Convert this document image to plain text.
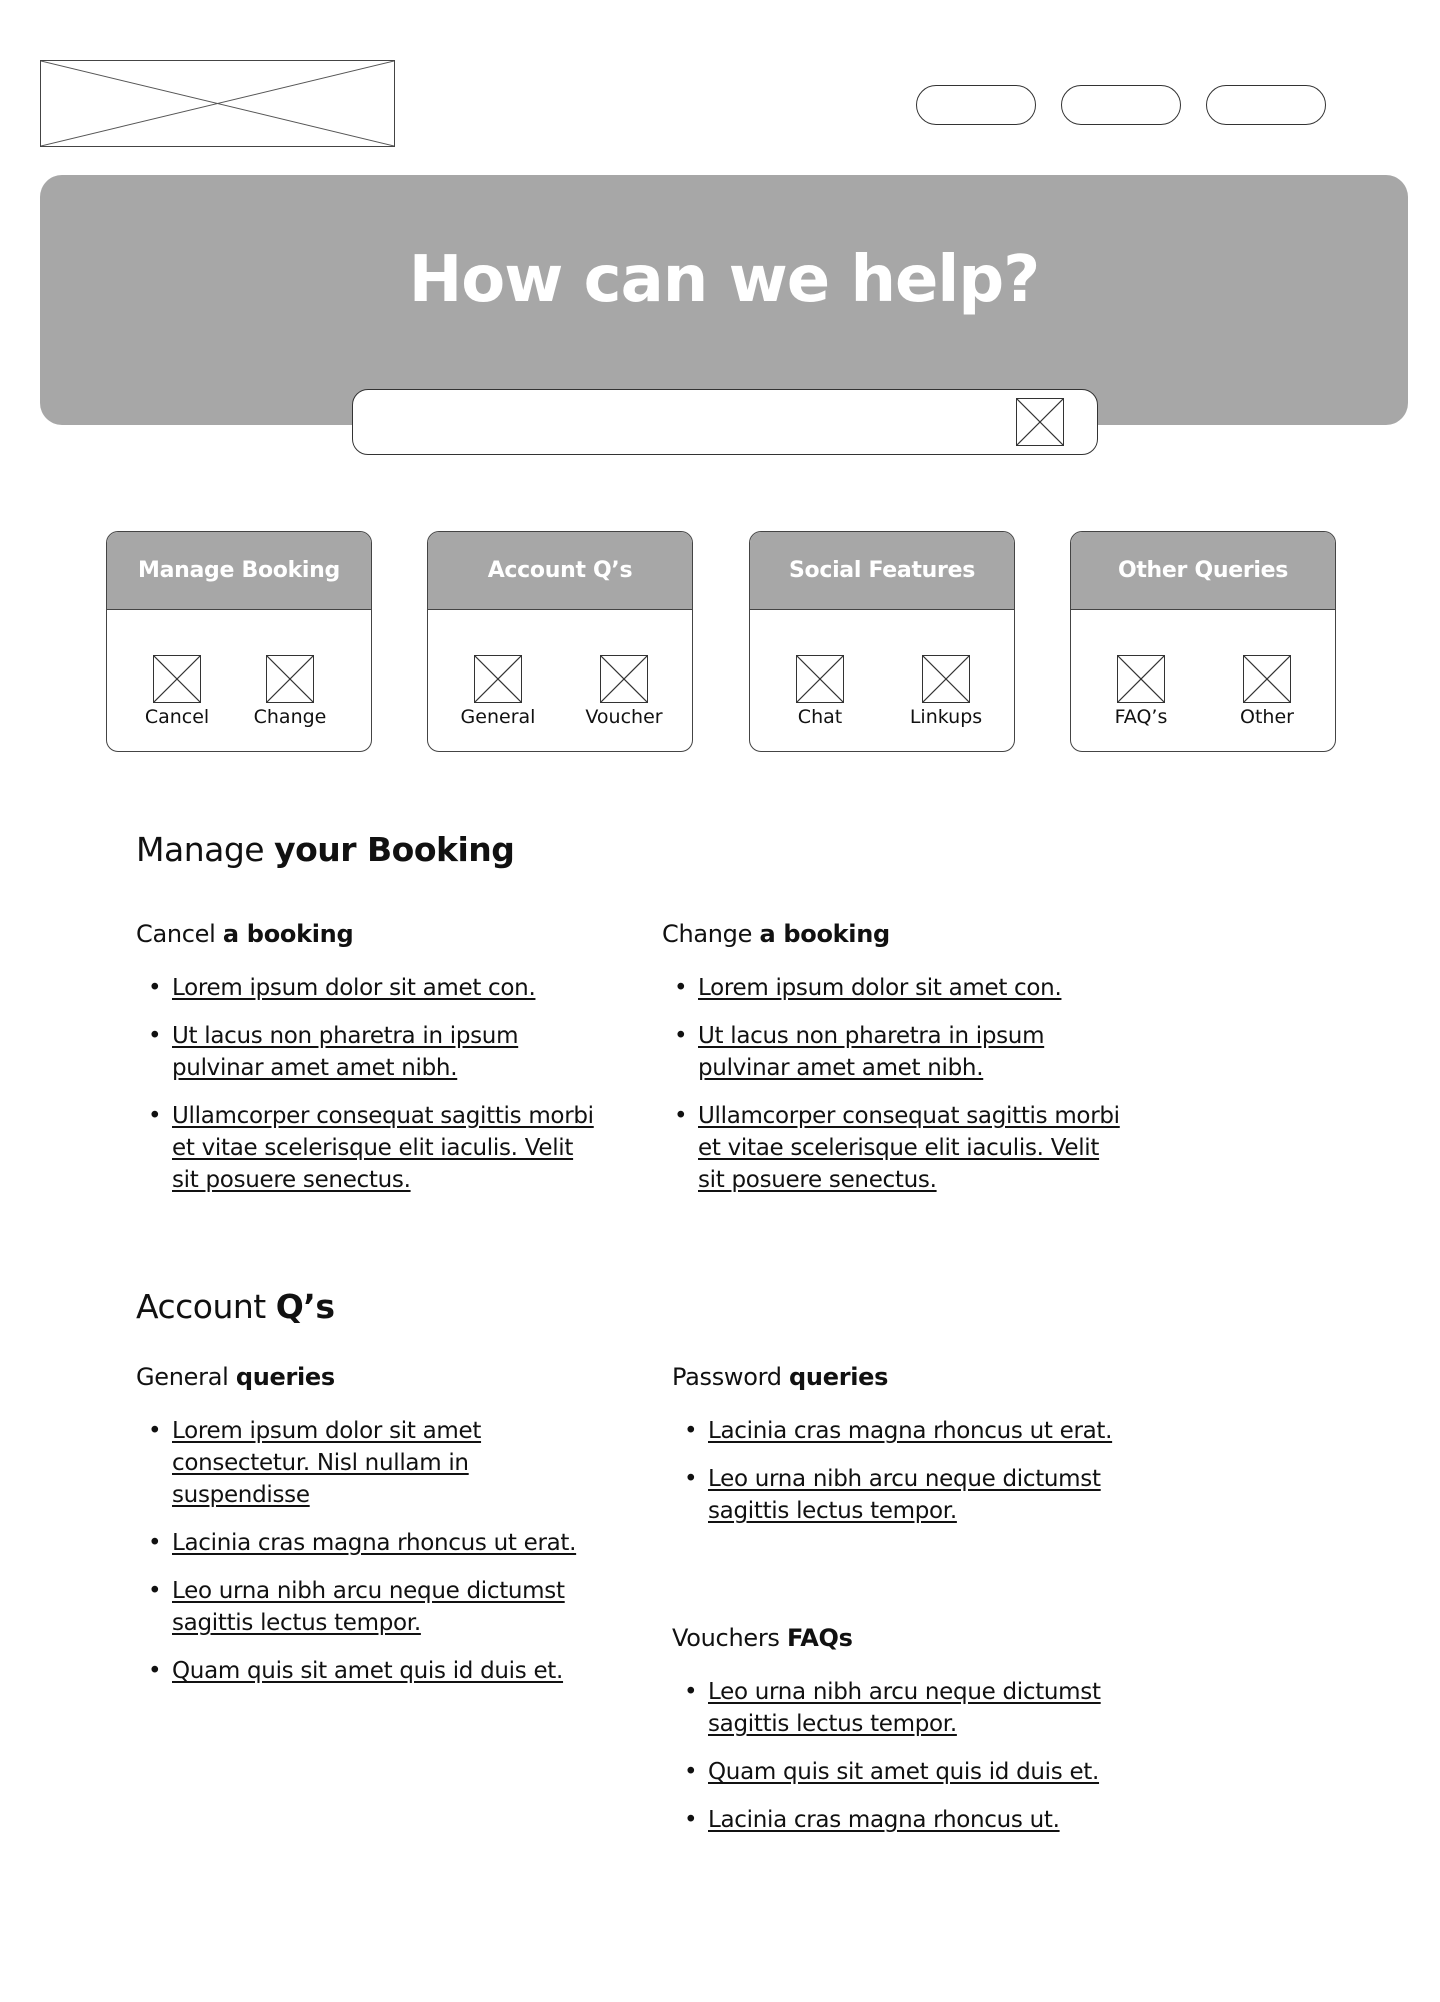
How can we help?
Manage Booking
Cancel	Change
Account Q’s
General	Voucher
Social Features
Chat	Linkups
Other Queries
FAQ’s	Other
Manage your Booking
Cancel a booking
• Lorem ipsum dolor sit amet con.
• Ut lacus non pharetra in ipsum pulvinar amet amet nibh.
• Ullamcorper consequat sagittis morbi et vitae scelerisque elit iaculis. Velit sit posuere senectus.
Change a booking
• Lorem ipsum dolor sit amet con.
• Ut lacus non pharetra in ipsum pulvinar amet amet nibh.
• Ullamcorper consequat sagittis morbi et vitae scelerisque elit iaculis. Velit sit posuere senectus.
Account Q’s
General queries
• Lorem ipsum dolor sit amet consectetur. Nisl nullam in suspendisse
• Lacinia cras magna rhoncus ut erat.
• Leo urna nibh arcu neque dictumst sagittis lectus tempor.
• Quam quis sit amet quis id duis et.
Password queries
• Lacinia cras magna rhoncus ut erat.
• Leo urna nibh arcu neque dictumst sagittis lectus tempor.
Vouchers FAQs
• Leo urna nibh arcu neque dictumst sagittis lectus tempor.
• Quam quis sit amet quis id duis et.
• Lacinia cras magna rhoncus ut.
